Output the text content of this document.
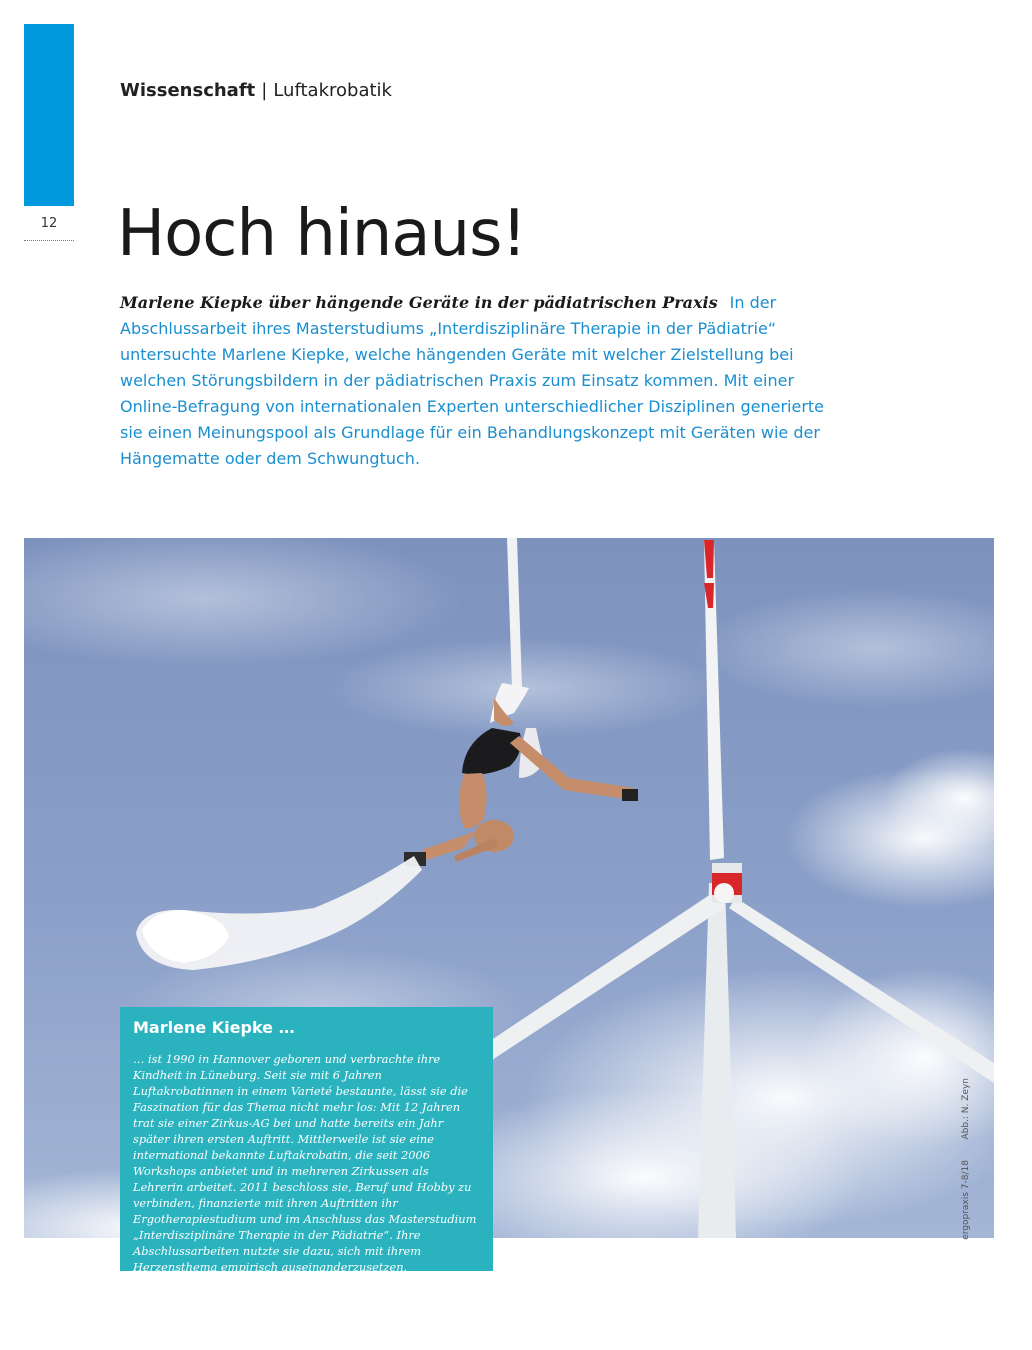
12
Wissenschaft | Luftakrobatik
Hoch hinaus!

Marlene Kiepke über hängende Geräte in der pädiatrischen Praxis In der Abschlussarbeit ihres Masterstudiums „Interdisziplinäre Therapie in der Pädiatrie“ untersuchte Marlene Kiepke, welche hängenden Geräte mit welcher Zielstellung bei welchen Störungsbildern in der pädiatrischen Praxis zum Einsatz kommen. Mit einer Online-Befragung von internationalen Experten unterschiedlicher Disziplinen generierte sie einen Meinungspool als Grundlage für ein Behandlungskonzept mit Geräten wie der Hängematte oder dem Schwungtuch.

Abb.: N. Zeyn
ergopraxis 7-8/18
Marlene Kiepke …
… ist 1990 in Hannover geboren und verbrachte ihre Kindheit in Lüneburg. Seit sie mit 6 Jahren Luftakrobatinnen in einem Varieté bestaunte, lässt sie die Faszination für das Thema nicht mehr los: Mit 12 Jahren trat sie einer Zirkus-AG bei und hatte bereits ein Jahr später ihren ersten Auftritt. Mittlerweile ist sie eine international bekannte Luftakrobatin, die seit 2006 Workshops anbietet und in mehreren Zirkussen als Lehrerin arbeitet. 2011 beschloss sie, Beruf und Hobby zu verbinden, finanzierte mit ihren Auftritten ihr Ergotherapiestudium und im Anschluss das Masterstudium „Interdisziplinäre Therapie in der Pädiatrie“. Ihre Abschlussarbeiten nutzte sie dazu, sich mit ihrem Herzensthema empirisch auseinanderzusetzen.
